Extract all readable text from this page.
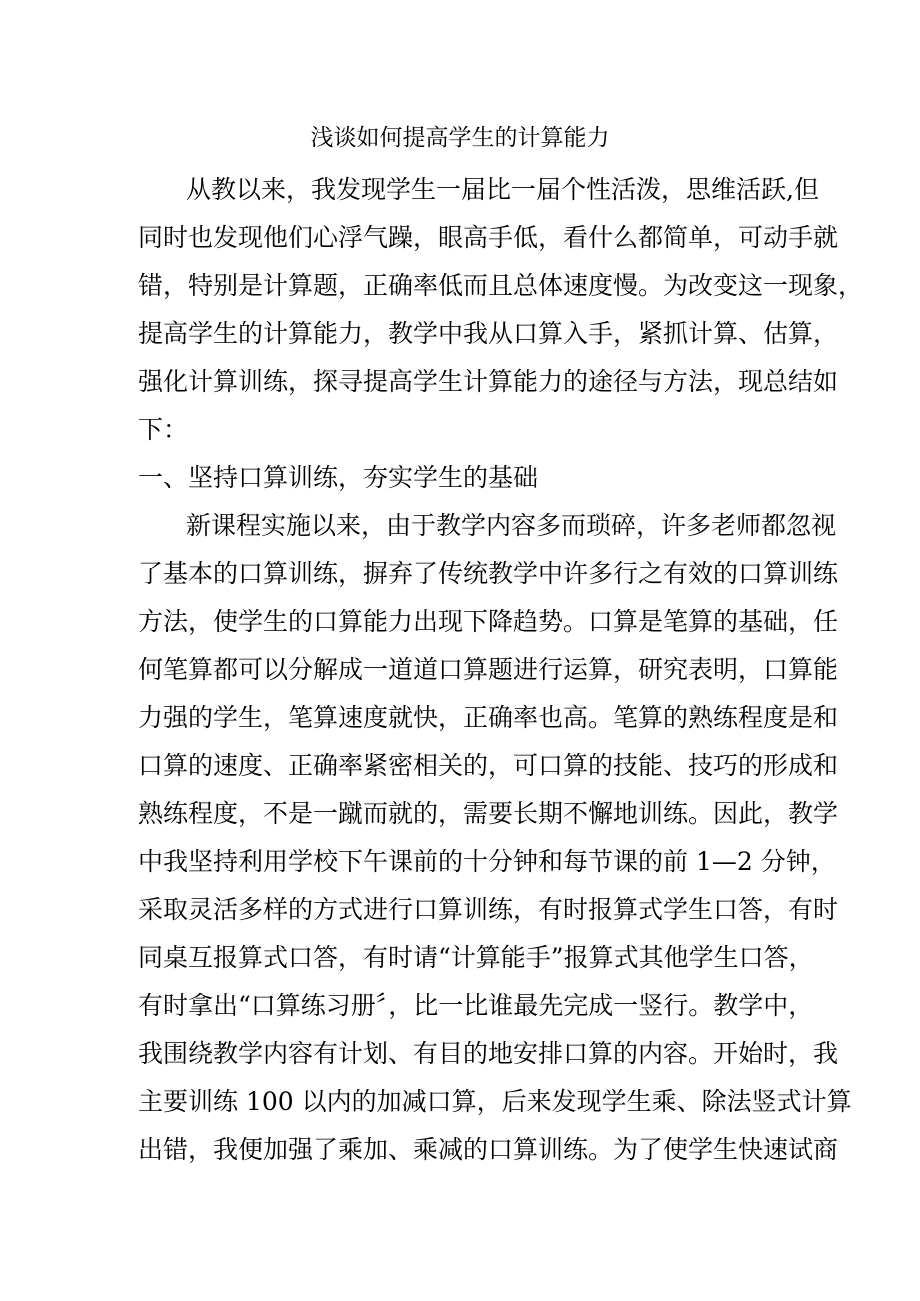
浅谈如何提高学生的计算能力
从教以来，我发现学生一届比一届个性活泼，思维活跃,但
同时也发现他们心浮气躁，眼高手低，看什么都简单，可动手就
错，特别是计算题，正确率低而且总体速度慢。为改变这一现象，
提高学生的计算能力，教学中我从口算入手，紧抓计算、估算，
强化计算训练，探寻提高学生计算能力的途径与方法，现总结如
下：
一、坚持口算训练，夯实学生的基础
新课程实施以来，由于教学内容多而琐碎，许多老师都忽视
了基本的口算训练，摒弃了传统教学中许多行之有效的口算训练
方法，使学生的口算能力出现下降趋势。口算是笔算的基础，任
何笔算都可以分解成一道道口算题进行运算，研究表明，口算能
力强的学生，笔算速度就快，正确率也高。笔算的熟练程度是和
口算的速度、正确率紧密相关的，可口算的技能、技巧的形成和
熟练程度，不是一蹴而就的，需要长期不懈地训练。因此，教学
中我坚持利用学校下午课前的十分钟和每节课的前 1—2 分钟，
采取灵活多样的方式进行口算训练，有时报算式学生口答，有时
同桌互报算式口答，有时请“计算能手”报算式其他学生口答，
有时拿出“口算练习册〞，比一比谁最先完成一竖行。教学中，
我围绕教学内容有计划、有目的地安排口算的内容。开始时，我
主要训练 100 以内的加减口算，后来发现学生乘、除法竖式计算
出错，我便加强了乘加、乘减的口算训练。为了使学生快速试商
